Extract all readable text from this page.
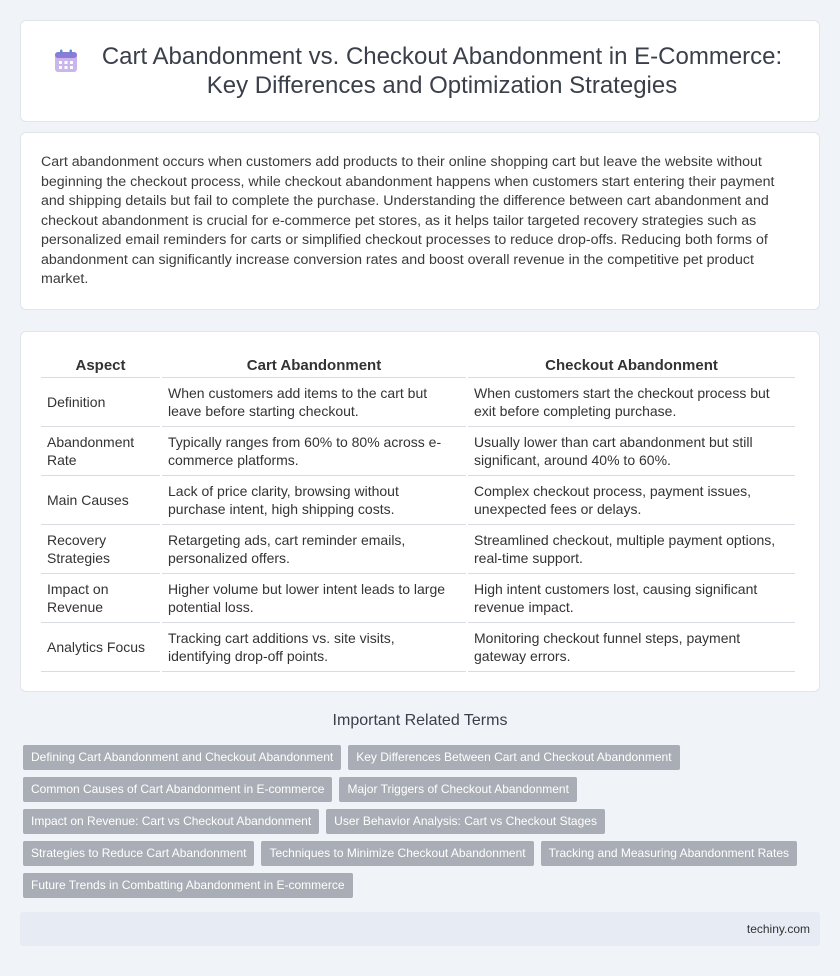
Cart Abandonment vs. Checkout Abandonment in E-Commerce: Key Differences and Optimization Strategies

Cart abandonment occurs when customers add products to their online shopping cart but leave the website without beginning the checkout process, while checkout abandonment happens when customers start entering their payment and shipping details but fail to complete the purchase. Understanding the difference between cart abandonment and checkout abandonment is crucial for e-commerce pet stores, as it helps tailor targeted recovery strategies such as personalized email reminders for carts or simplified checkout processes to reduce drop-offs. Reducing both forms of abandonment can significantly increase conversion rates and boost overall revenue in the competitive pet product market.

Aspect	Cart Abandonment	Checkout Abandonment
Definition	When customers add items to the cart but leave before starting checkout.	When customers start the checkout process but exit before completing purchase.
Abandonment Rate	Typically ranges from 60% to 80% across e-commerce platforms.	Usually lower than cart abandonment but still significant, around 40% to 60%.
Main Causes	Lack of price clarity, browsing without purchase intent, high shipping costs.	Complex checkout process, payment issues, unexpected fees or delays.
Recovery Strategies	Retargeting ads, cart reminder emails, personalized offers.	Streamlined checkout, multiple payment options, real-time support.
Impact on Revenue	Higher volume but lower intent leads to large potential loss.	High intent customers lost, causing significant revenue impact.
Analytics Focus	Tracking cart additions vs. site visits, identifying drop-off points.	Monitoring checkout funnel steps, payment gateway errors.
Important Related Terms
Defining Cart Abandonment and Checkout Abandonment	Key Differences Between Cart and Checkout Abandonment
Common Causes of Cart Abandonment in E-commerce	Major Triggers of Checkout Abandonment
Impact on Revenue: Cart vs Checkout Abandonment	User Behavior Analysis: Cart vs Checkout Stages
Strategies to Reduce Cart Abandonment	Techniques to Minimize Checkout Abandonment	Tracking and Measuring Abandonment Rates
Future Trends in Combatting Abandonment in E-commerce
techiny.com
